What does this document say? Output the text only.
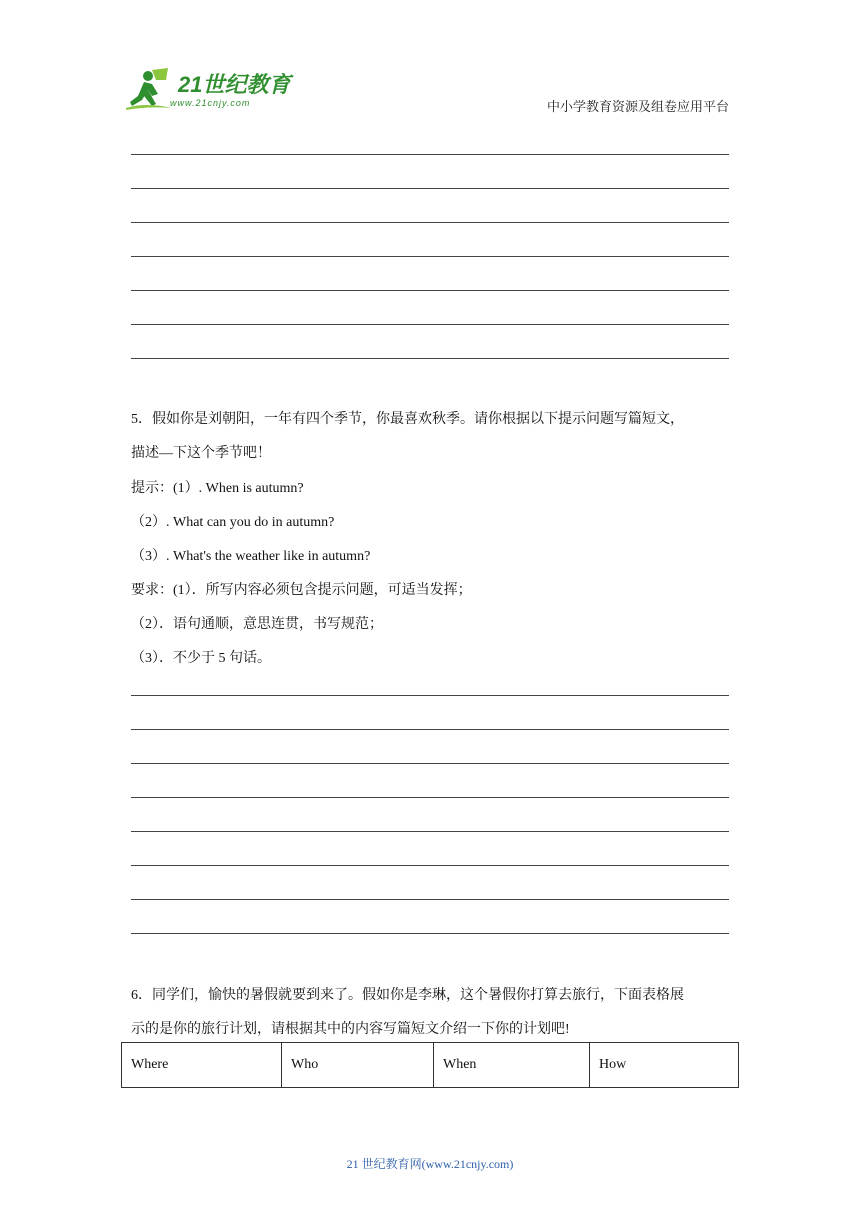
21世纪教育
www.21cnjy.com	中小学教育资源及组卷应用平台
5．假如你是刘朝阳，一年有四个季节，你最喜欢秋季。请你根据以下提示问题写篇短文，
描述—下这个季节吧！
提示：(1）. When is autumn?
（2）. What can you do in autumn?
（3）. What's the weather like in autumn?
要求：(1）．所写内容必须包含提示问题，可适当发挥；
（2）．语句通顺，意思连贯，书写规范；
（3）．不少于 5 句话。
6．同学们，愉快的暑假就要到来了。假如你是李琳，这个暑假你打算去旅行，下面表格展
示的是你的旅行计划，请根据其中的内容写篇短文介绍一下你的计划吧!
Where	Who	When	How
21 世纪教育网(www.21cnjy.com)
